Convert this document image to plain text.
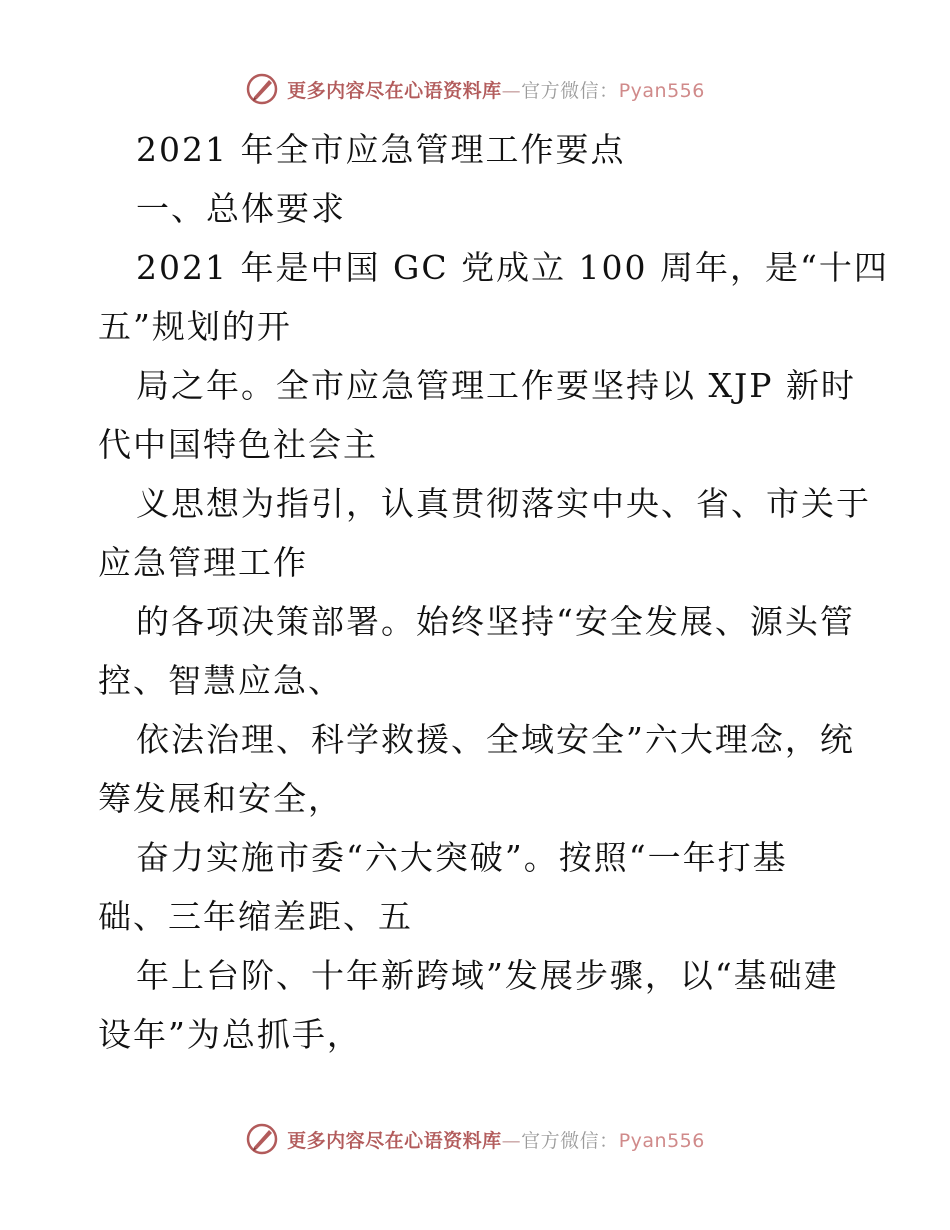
更多内容尽在心语资料库—官方微信：Pyan556
2021 年全市应急管理工作要点
一、总体要求
2021 年是中国 GC 党成立 100 周年，是“十四
五”规划的开
局之年。全市应急管理工作要坚持以 XJP 新时
代中国特色社会主
义思想为指引，认真贯彻落实中央、省、市关于
应急管理工作
的各项决策部署。始终坚持“安全发展、源头管
控、智慧应急、
依法治理、科学救援、全域安全”六大理念，统
筹发展和安全，
奋力实施市委“六大突破”。按照“一年打基
础、三年缩差距、五
年上台阶、十年新跨域”发展步骤，以“基础建
设年”为总抓手，
更多内容尽在心语资料库—官方微信：Pyan556
